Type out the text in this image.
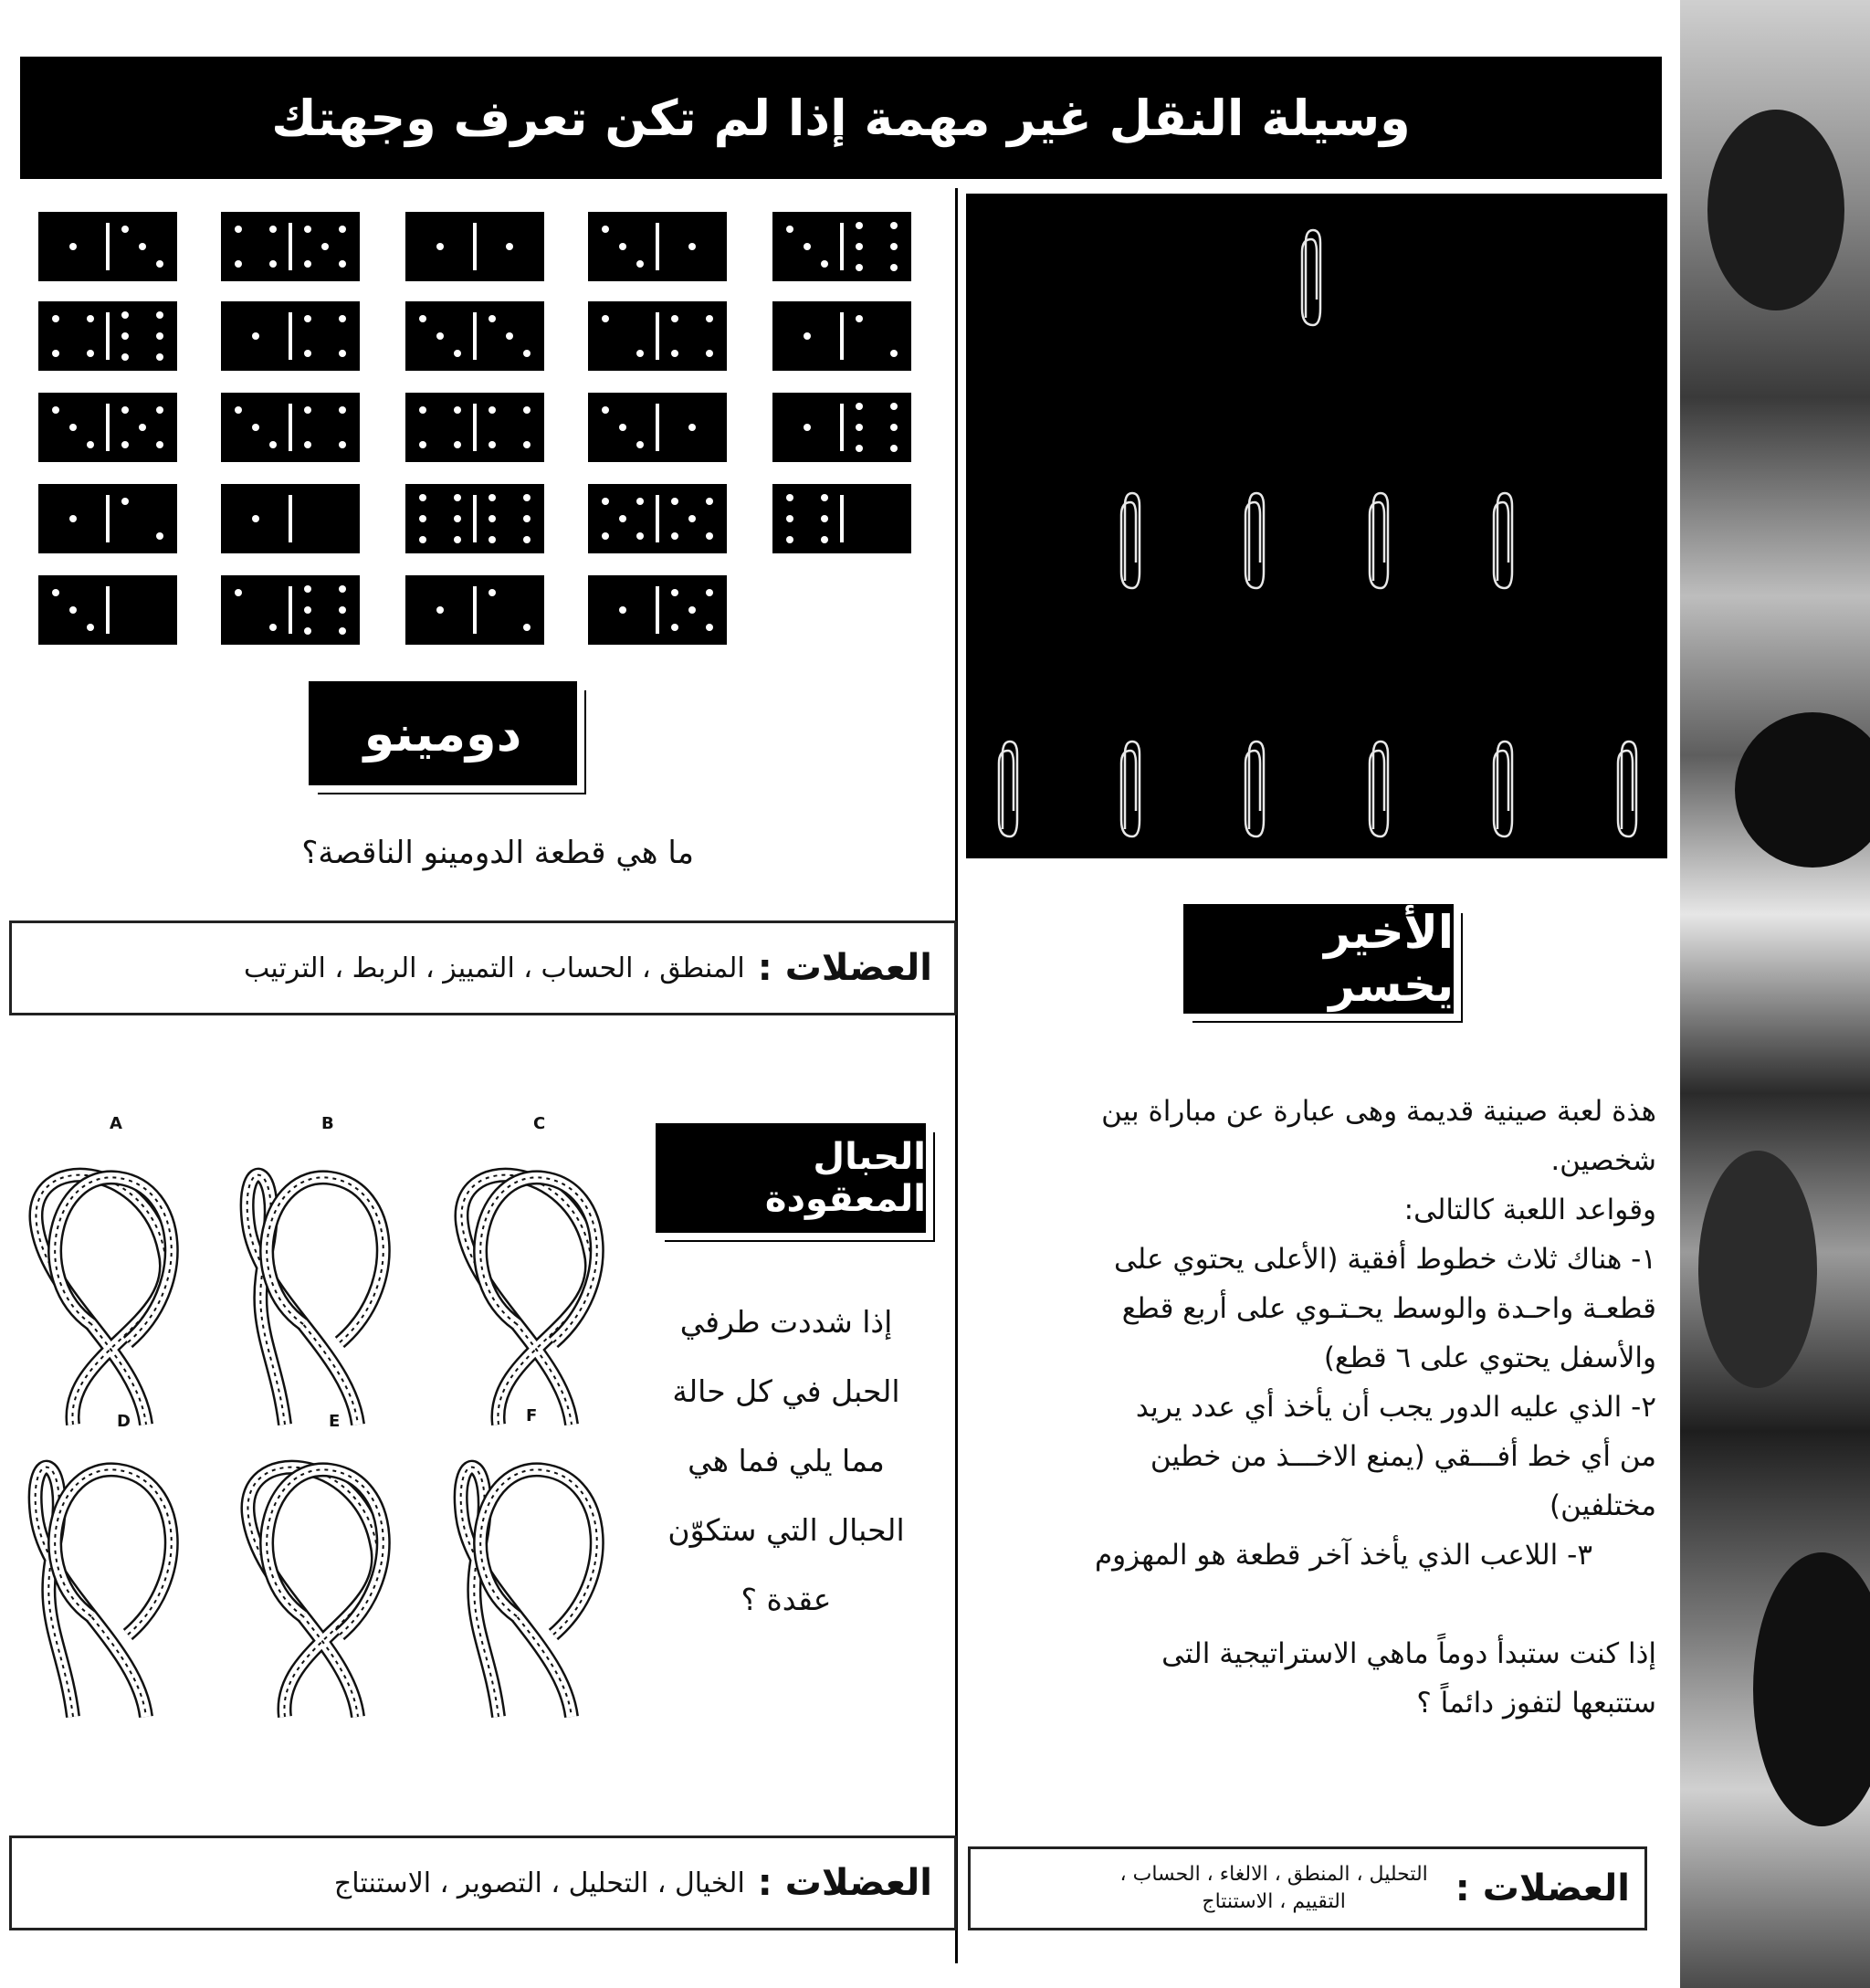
وسيلة النقل غير مهمة إذا لم تكن تعرف وجهتك
دومينو
ما هي قطعة الدومينو الناقصة؟
العضلات :
المنطق ، الحساب ، التمييز ، الربط ، الترتيب
الأخير يخسر

هذة لعبة صينية قديمة وهى عبارة عن مباراة بين

شخصين.

وقواعد اللعبة كالتالى:

١- هناك ثلاث خطوط أفقية (الأعلى يحتوي على

قطعـة واحـدة والوسط يحـتـوي على أربع قطع

والأسفل يحتوي على ٦ قطع)

٢- الذي عليه الدور يجب أن يأخذ أي عدد يريد

من أي خط أفـــقي (يمنع الاخـــذ من خطين

مختلفين)

٣- اللاعب الذي يأخذ آخر قطعة هو المهزوم

إذا كنت ستبدأ دوماً ماهي الاستراتيجية التى

ستتبعها لتفوز دائماً ؟

العضلات :
التحليل ، المنطق ، الالغاء ، الحساب ،
التقييم ، الاستنتاج
A	B	C
D	E	F
الحبال المعقودة
إذا شددت طرفي
الحبل في كل حالة
مما يلي فما هي
الحبال التي ستكوّن
عقدة ؟
العضلات :
الخيال ، التحليل ، التصوير ، الاستنتاج
